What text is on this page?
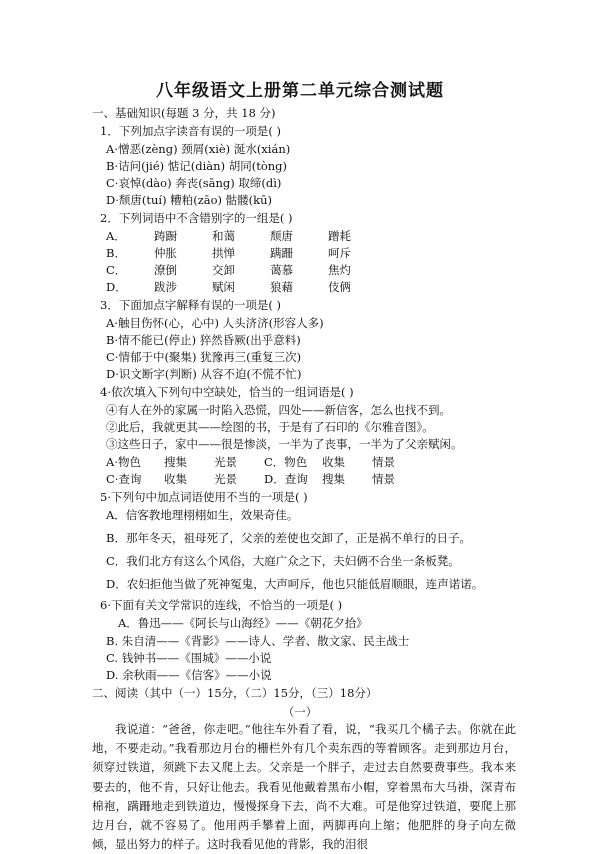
八年级语文上册第二单元综合测试题
一、基础知识(每题 3 分，共 18 分)
1．下列加点字读音有误的一项是( )
A·憎恶(zèng) 颈屑(xiè) 涎水(xián)
B·诘问(jié) 惦记(diàn) 胡同(tòng)
C·哀悼(dào) 奔丧(sāng) 取缔(dì)
D·颓唐(tuí) 糟粕(zāo) 骷髅(kū)
2．下列词语中不含错别字的一组是( )
A． 踌蹰	和蔼	颓唐	蹭耗
B． 仲胀	拱惮	蹒跚	呵斥
C． 潦倒	交卸	蔼慕	焦灼
D． 跋涉	赋闲	狼藉	伎俩
3．下面加点字解释有误的一项是( )
A·触目伤怀(心，心中) 人头济济(形容人多)
B·情不能已(停止) 猝然昏厥(出乎意料)
C·情郁于中(聚集) 犹豫再三(重复三次)
D·识文断字(判断) 从容不迫(不慌不忙)
4·依次填入下列句中空缺处，恰当的一组词语是( )
④有人在外的家属一时陷入恐慌，四处——新信客，怎么也找不到。
②此后，我就更其——绘图的书，于是有了石印的《尔雅音图》。
③这些日子，家中——很是惨淡，一半为了丧事，一半为了父亲赋闲。
A·物色 搜集 光景 C．物色 收集 情景
C·查询 收集 光景 D．查询 搜集 情景
5·下列句中加点词语使用不当的一项是( )
A．信客教地理栩栩如生，效果奇佳。
B．那年冬天，祖母死了，父亲的差使也交卸了，正是祸不单行的日子。
C．我们北方有这么个风俗，大庭广众之下，夫妇俩不合坐一条板凳。
D．农妇拒他当做了死神冤鬼，大声呵斥，他也只能低眉顺眼，连声诺诺。
6·下面有关文学常识的连线，不恰当的一项是( )
A．鲁迅——《阿长与山海经》——《朝花夕拾》
B. 朱自清——《背影》——诗人、学者、散文家、民主战士
C. 钱钟书——《围城》——小说
D. 余秋雨——《信客》——小说
二、阅读（其中（一）15分，（二）15分，（三）18分）
（一）

我说道：“爸爸，你走吧。”他往车外看了看，说，“我买几个橘子去。你就在此地，不要走动。”我看那边月台的栅栏外有几个卖东西的等着顾客。走到那边月台，须穿过铁道，须跳下去又爬上去。父亲是一个胖子，走过去自然要费事些。我本来要去的，他不肯，只好让他去。我看见他戴着黑布小帽，穿着黑布大马褂，深青布棉袍，蹒跚地走到铁道边，慢慢探身下去，尚不大难。可是他穿过铁道，要爬上那边月台，就不容易了。他用两手攀着上面，两脚再向上缩；他肥胖的身子向左微倾，显出努力的样子。这时我看见他的背影，我的泪很
